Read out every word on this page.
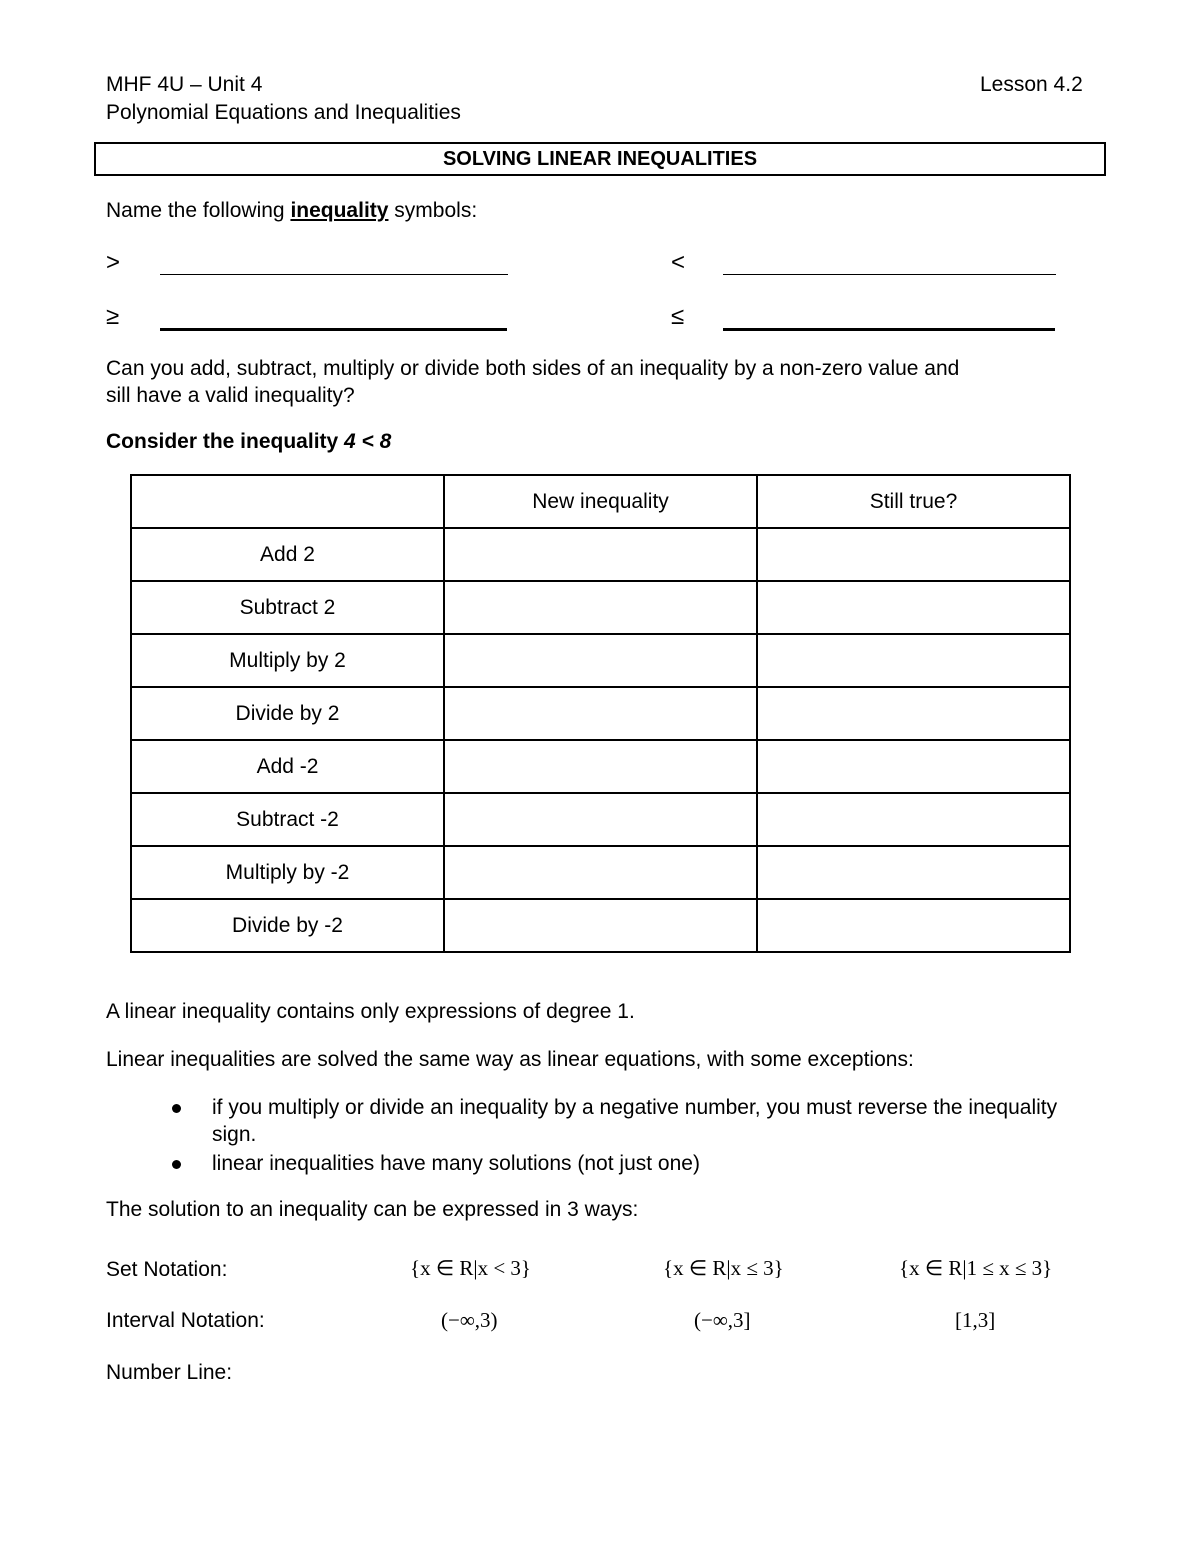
MHF 4U – Unit 4	Lesson 4.2
Polynomial Equations and Inequalities
SOLVING LINEAR INEQUALITIES
Name the following inequality symbols:
>	<
≥	≤
Can you add, subtract, multiply or divide both sides of an inequality by a non-zero value and
sill have a valid inequality?
Consider the inequality 4 < 8
	New inequality	Still true?
Add 2		
Subtract 2		
Multiply by 2		
Divide by 2		
Add -2		
Subtract -2		
Multiply by -2		
Divide by -2		
A linear inequality contains only expressions of degree 1.
Linear inequalities are solved the same way as linear equations, with some exceptions:
if you multiply or divide an inequality by a negative number, you must reverse the inequality sign.
linear inequalities have many solutions (not just one)
The solution to an inequality can be expressed in 3 ways:
Set Notation:	{x ∈ R|x < 3}	{x ∈ R|x ≤ 3}	{x ∈ R|1 ≤ x ≤ 3}
Interval Notation:	(−∞,3)	(−∞,3]	[1,3]
Number Line:
